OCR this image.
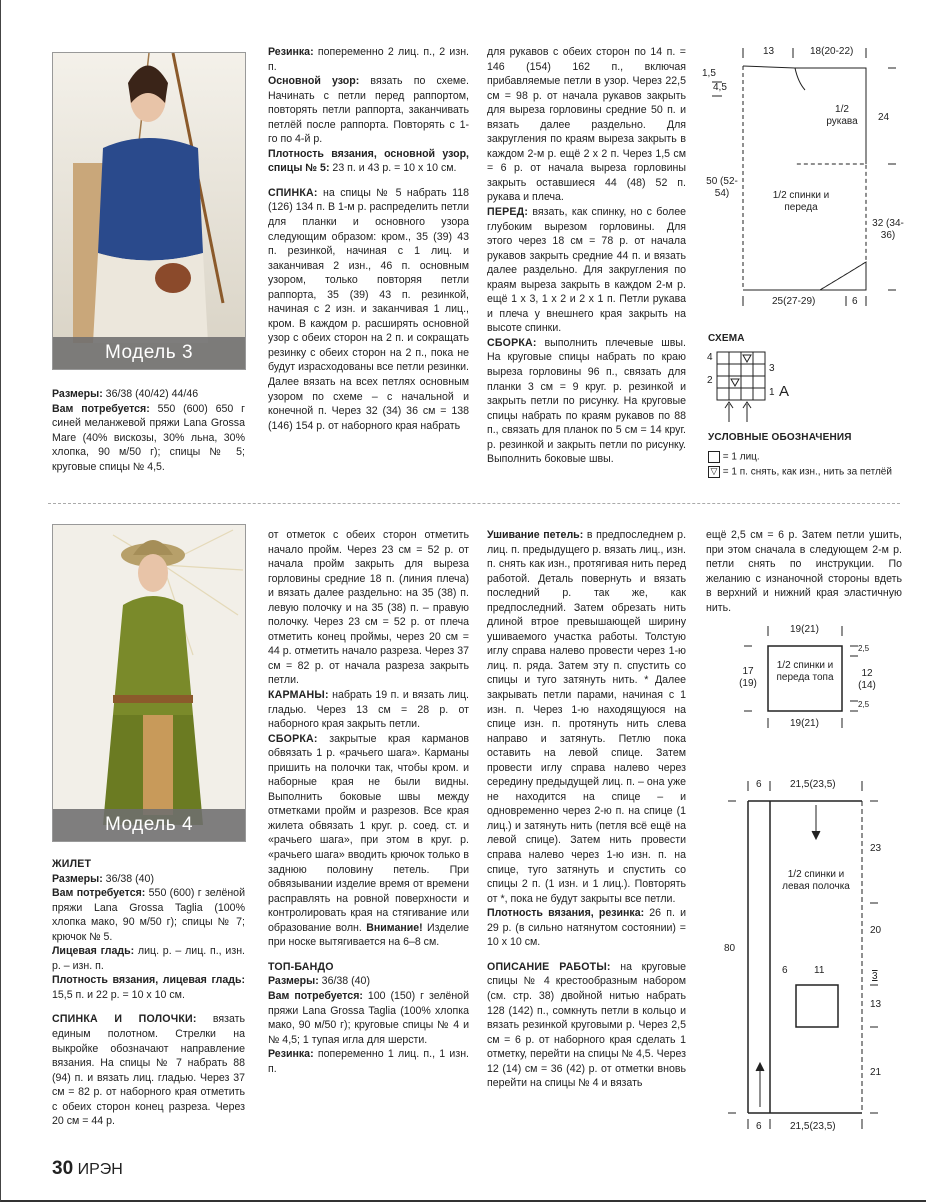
Модель 3

Размеры: 36/38 (40/42) 44/46

Вам потребуется: 550 (600) 650 г синей меланжевой пряжи Lana Grossa Mare (40% вискозы, 30% льна, 30% хлопка, 90 м/50 г); спицы № 5; круговые спицы № 4,5.

Резинка: попеременно 2 лиц. п., 2 изн. п.

Основной узор: вязать по схеме. Начинать с петли перед раппортом, повторять петли раппорта, заканчивать петлёй после раппорта. Повторять с 1-го по 4-й р.

Плотность вязания, основной узор, спицы № 5: 23 п. и 43 р. = 10 х 10 см.

СПИНКА: на спицы № 5 набрать 118 (126) 134 п. В 1-м р. распределить петли для планки и основного узора следующим образом: кром., 35 (39) 43 п. резинкой, начиная с 1 лиц. и заканчивая 2 изн., 46 п. основным узором, только повторяя петли раппорта, 35 (39) 43 п. резинкой, начиная с 2 изн. и заканчивая 1 лиц., кром. В каждом р. расширять основной узор с обеих сторон на 2 п. и сокращать резинку с обеих сторон на 2 п., пока не будут израсходованы все петли резинки. Далее вязать на всех петлях основным узором по схеме – с начальной и конечной п. Через 32 (34) 36 см = 138 (146) 154 р. от наборного края набрать

для рукавов с обеих сторон по 14 п. = 146 (154) 162 п., включая прибавляемые петли в узор. Через 22,5 см = 98 р. от начала рукавов закрыть для выреза горловины средние 50 п. и вязать далее раздельно. Для закругления по краям выреза закрыть в каждом 2-м р. ещё 2 х 2 п. Через 1,5 см = 6 р. от начала выреза горловины закрыть оставшиеся 44 (48) 52 п. рукава и плеча.

ПЕРЕД: вязать, как спинку, но с более глубоким вырезом горловины. Для этого через 18 см = 78 р. от начала рукавов закрыть средние 44 п. и вязать далее раздельно. Для закругления по краям выреза закрыть в каждом 2-м р. ещё 1 х 3, 1 х 2 и 2 х 1 п. Петли рукава и плеча у внешнего края закрыть на высоте спинки.

СБОРКА: выполнить плечевые швы. На круговые спицы набрать по краю выреза горловины 96 п., связать для планки 3 см = 9 круг. р. резинкой и закрыть петли по рисунку. На круговые спицы набрать по краям рукавов по 88 п., связать для планок по 5 см = 14 круг. р. резинкой и закрыть петли по рисунку. Выполнить боковые швы.

13	18(20-22)
1,5
4,5
1/2 рукава	24
50 (52-54)	1/2 спинки и переда
32 (34-36)
25(27-29)	6
СХЕМА
4
3
2
1 A
УСЛОВНЫЕ ОБОЗНАЧЕНИЯ
= 1 лиц.
▽ = 1 п. снять, как изн., нить за петлёй
Модель 4

ЖИЛЕТ

Размеры: 36/38 (40)

Вам потребуется: 550 (600) г зелёной пряжи Lana Grossa Taglia (100% хлопка мако, 90 м/50 г); спицы № 7; крючок № 5.

Лицевая гладь: лиц. р. – лиц. п., изн. р. – изн. п.

Плотность вязания, лицевая гладь: 15,5 п. и 22 р. = 10 х 10 см.

СПИНКА И ПОЛОЧКИ: вязать единым полотном. Стрелки на выкройке обозначают направление вязания. На спицы № 7 набрать 88 (94) п. и вязать лиц. гладью. Через 37 см = 82 р. от наборного края отметить с обеих сторон конец разреза. Через 20 см = 44 р.

от отметок с обеих сторон отметить начало пройм. Через 23 см = 52 р. от начала пройм закрыть для выреза горловины средние 18 п. (линия плеча) и вязать далее раздельно: на 35 (38) п. левую полочку и на 35 (38) п. – правую полочку. Через 23 см = 52 р. от плеча отметить конец проймы, через 20 см = 44 р. отметить начало разреза. Через 37 см = 82 р. от начала разреза закрыть петли.

КАРМАНЫ: набрать 19 п. и вязать лиц. гладью. Через 13 см = 28 р. от наборного края закрыть петли.

СБОРКА: закрытые края карманов обвязать 1 р. «рачьего шага». Карманы пришить на полочки так, чтобы кром. и наборные края не были видны. Выполнить боковые швы между отметками пройм и разрезов. Все края жилета обвязать 1 круг. р. соед. ст. и «рачьего шага», при этом в круг. р. «рачьего шага» вводить крючок только в заднюю половину петель. При обвязывании изделие время от времени расправлять на ровной поверхности и контролировать края на стягивание или образование волн. Внимание! Изделие при носке вытягивается на 6–8 см.

ТОП-БАНДО

Размеры: 36/38 (40)

Вам потребуется: 100 (150) г зелёной пряжи Lana Grossa Taglia (100% хлопка мако, 90 м/50 г); круговые спицы № 4 и № 4,5; 1 тупая игла для шерсти.

Резинка: попеременно 1 лиц. п., 1 изн. п.

Ушивание петель: в предпоследнем р. лиц. п. предыдущего р. вязать лиц., изн. п. снять как изн., протягивая нить перед работой. Деталь повернуть и вязать последний р. так же, как предпоследний. Затем обрезать нить длиной втрое превышающей ширину ушиваемого участка работы. Толстую иглу справа налево провести через 1-ю лиц. п. ряда. Затем эту п. спустить со спицы и туго затянуть нить. * Далее закрывать петли парами, начиная с 1 изн. п. Через 1-ю находящуюся на спице изн. п. протянуть нить слева направо и затянуть. Петлю пока оставить на левой спице. Затем провести иглу справа налево через середину предыдущей лиц. п. – она уже не находится на спице – и одновременно через 2-ю п. на спице (1 лиц.) и затянуть нить (петля всё ещё на левой спице). Затем нить провести справа налево через 1-ю изн. п. на спице, туго затянуть и спустить со спицы 2 п. (1 изн. и 1 лиц.). Повторять от *, пока не будут закрыты все петли.

Плотность вязания, резинка: 26 п. и 29 р. (в сильно натянутом состоянии) = 10 х 10 см.

ОПИСАНИЕ РАБОТЫ: на круговые спицы № 4 крестообразным набором (см. стр. 38) двойной нитью набрать 128 (142) п., сомкнуть петли в кольцо и вязать резинкой круговыми р. Через 2,5 см = 6 р. от наборного края сделать 1 отметку, перейти на спицы № 4,5. Через 12 (14) см = 36 (42) р. от отметки вновь перейти на спицы № 4 и вязать

ещё 2,5 см = 6 р. Затем петли ушить, при этом сначала в следующем 2-м р. петли снять по инструкции. По желанию с изнаночной стороны вдеть в верхний и нижний края эластичную нить.

19(21)
17 (19)
1/2 спинки и переда топа	12 (14)
2,5
2,5
19(21)
6	21,5(23,5)
23
1/2 спинки и левая полочка
20
80
6	11
3
13
21
6	21,5(23,5)
30 ИРЭН
